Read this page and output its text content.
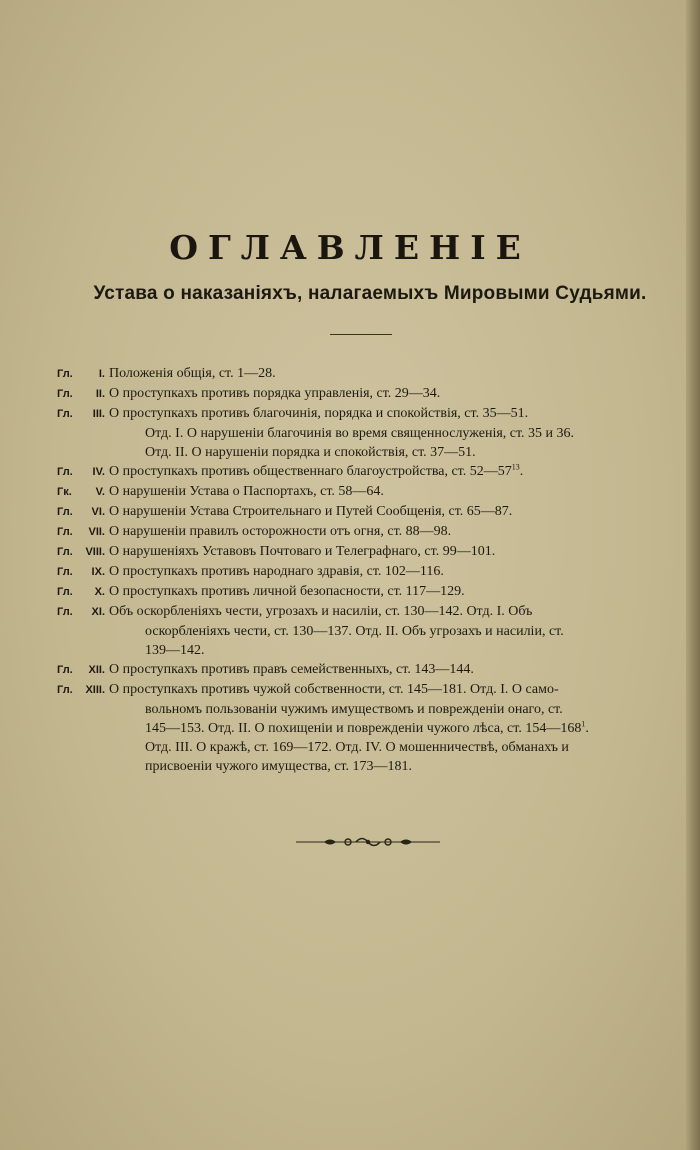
ОГЛАВЛЕНIЕ
Устава о наказанiяхъ, налагаемыхъ Мировыми Судьями.
Гл.	I. Положенiя общiя, ст. 1—28.
Гл.	II. О проступкахъ противъ порядка управленiя, ст. 29—34.
Гл.	III. О проступкахъ противъ благочинiя, порядка и спокойствiя, ст. 35—51.
Отд. I. О нарушенiи благочинiя во время священнослуженiя, ст. 35 и 36.
Отд. II. О нарушенiи порядка и спокойствiя, ст. 37—51.
Гл.	IV. О проступкахъ противъ общественнаго благоустройства, ст. $52—57^{13}$.
Гк.	V. О нарушенiи Устава о Паспортахъ, ст. 58—64.
Гл.	VI. О нарушенiи Устава Строительнаго и Путей Сообщенiя, ст. 65—87.
Гл.	VII. О нарушенiи правилъ осторожности отъ огня, ст. 88—98.
Гл.	VIII. О нарушенiяхъ Уставовъ Почтоваго и Телеграфнаго, ст. 99—101.
Гл.	IX. О проступкахъ противъ народнаго здравiя, ст. 102—116.
Гл.	X. О проступкахъ противъ личной безопасности, ст. 117—129.
Гл.	XI. Объ оскорбленiяхъ чести, угрозахъ и насилiи, ст. 130—142. Отд. I. Объ
оскорбленiяхъ чести, ст. 130—137. Отд. II. Объ угрозахъ и насилiи, ст.
139—142.
Гл.	XII. О проступкахъ противъ правъ семейственныхъ, ст. 143—144.
Гл.	XIII. О проступкахъ противъ чужой собственности, ст. 145—181. Отд. I. О само-
вольномъ пользованiи чужимъ имуществомъ и поврежденiи онаго, ст.
145—153. Отд. II. О похищенiи и поврежденiи чужого лѣса, ст. $154—168^1$.
Отд. III. О кражѣ, ст. 169—172. Отд. IV. О мошенничествѣ, обманахъ и
присвоенiи чужого имущества, ст. 173—181.
